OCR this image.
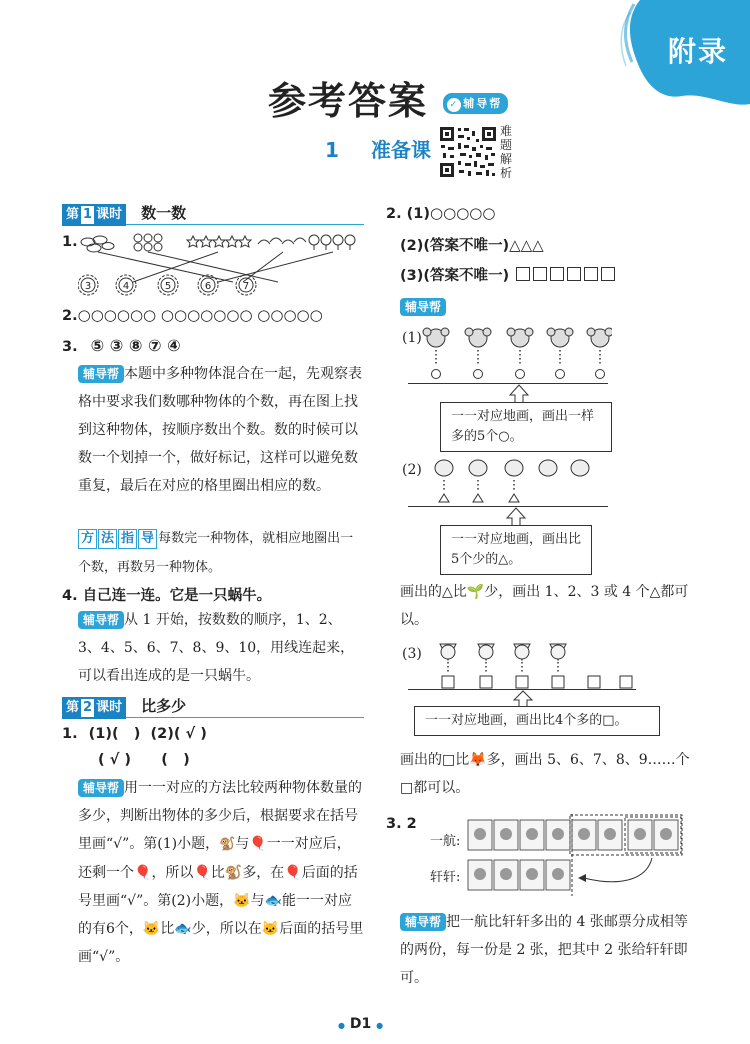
附录
参考答案 ✓ 辅导帮
1 准备课
难题解析
第 1 课时 数一数
1.
3	4	5	6	7
2.○○○○○○ ○○○○○○○ ○○○○○
3. ⑤ ③ ⑧ ⑦ ④
辅导帮 本题中多种物体混合在一起，先观察表格中要求我们数哪种物体的个数，再在图上找到这种物体，按顺序数出个数。数的时候可以数一个划掉一个，做好标记，这样可以避免数重复，最后在对应的格里圈出相应的数。
方 法 指 导 每数完一种物体，就相应地圈出一个数，再数另一种物体。
4. 自己连一连。它是一只蜗牛。
辅导帮 从 1 开始，按数数的顺序，1、2、3、4、5、6、7、8、9、10，用线连起来，可以看出连成的是一只蜗牛。
第 2 课时 比多少
1. (1)(   )  (2)( √ )
( √ )      (   )
辅导帮 用一一对应的方法比较两种物体数量的多少，判断出物体的多少后，根据要求在括号里画“√”。第(1)小题，🐒与🎈一一对应后，还剩一个🎈，所以🎈比🐒多，在🎈后面的括号里画“√”。第(2)小题，🐱与🐟能一一对应的有6个，🐱比🐟少，所以在🐱后面的括号里画“√”。
2. (1)○○○○○
(2)(答案不唯一)△△△
(3)(答案不唯一)
辅导帮
(1)
一一对应地画，画出一样多的5个○。
(2)
一一对应地画，画出比5个少的△。
画出的△比🌱少，画出 1、2、3 或 4 个△都可以。
(3)
一一对应地画，画出比4个多的□。
画出的□比🦊多，画出 5、6、7、8、9……个□都可以。
3. 2
一航:
轩轩:
辅导帮 把一航比轩轩多出的 4 张邮票分成相等的两份，每一份是 2 张，把其中 2 张给轩轩即可。
● D1 ●
